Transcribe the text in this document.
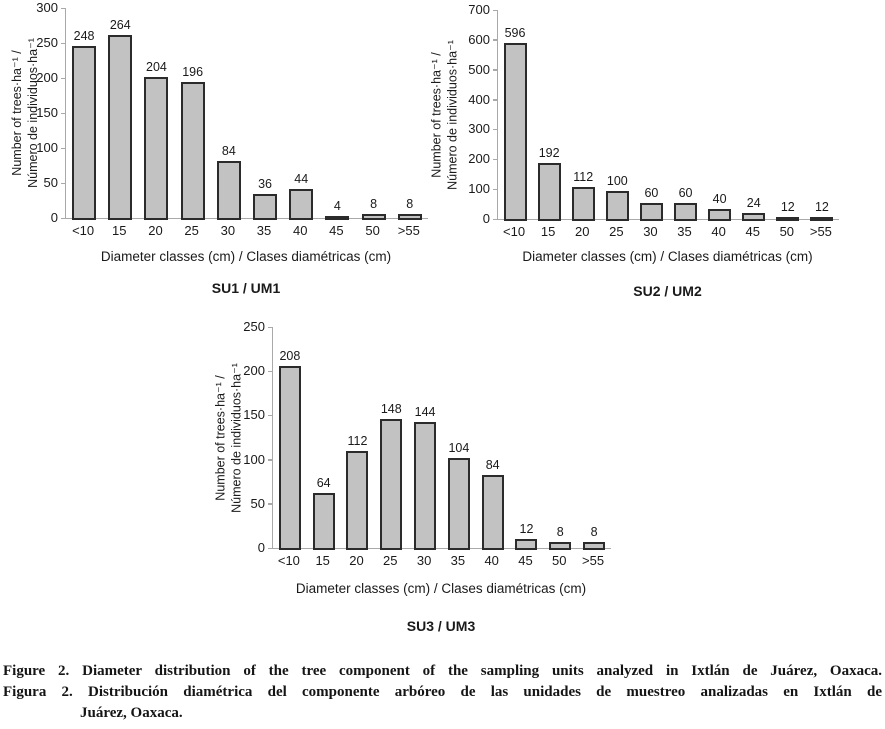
Number of trees·ha⁻¹ / Número de individuos·ha⁻¹
248
264
204 196
84
36 44
4 8 8
<10	15	20	25	30	35	40	45	50	>55
Diameter classes (cm) / Clases diamétricas (cm)
SU1 / UM1
0
50
100
150
200
250
300
Number of trees·ha⁻¹ / Número de individuos·ha⁻¹
596
192
112 100
60 60 40 24 12 12
<10	15	20	25	30	35	40	45	50	>55
Diameter classes (cm) / Clases diamétricas (cm)
SU2 / UM2
0
100
200
300
400
500
600
700
Number of trees·ha⁻¹ / Número de individuos·ha⁻¹
208
64
112
148 144
104
84
12 8 8
<10	15	20	25	30	35	40	45	50	>55
Diameter classes (cm) / Clases diamétricas (cm)
SU3 / UM3
0
50
100
150
200
250
Figure 2. Diameter distribution of the tree component of the sampling units analyzed in Ixtlán de Juárez, Oaxaca.
Figura 2. Distribución diamétrica del componente arbóreo de las unidades de muestreo analizadas en Ixtlán de
Juárez, Oaxaca.
